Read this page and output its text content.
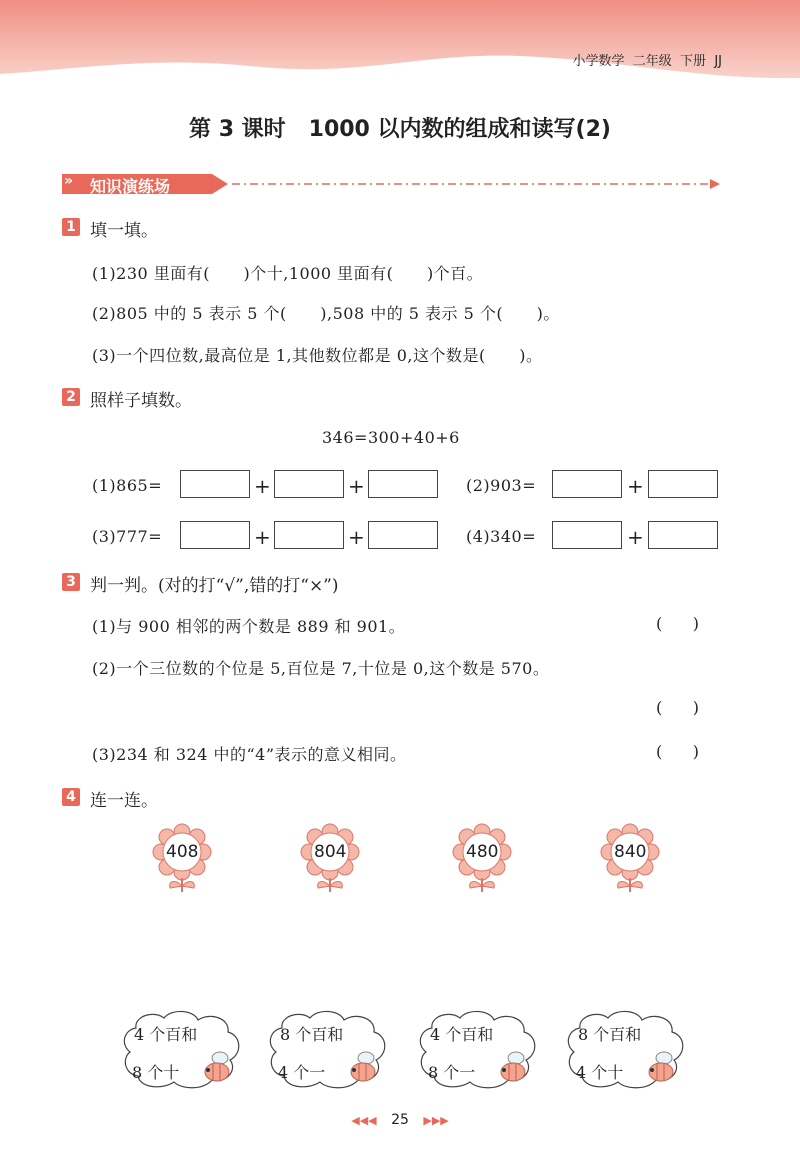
小学数学  二年级  下册  JJ
第 3 课时   1000 以内数的组成和读写(2)
» 知识演练场
1 填一填。
(1)230 里面有(      )个十,1000 里面有(      )个百。
(2)805 中的 5 表示 5 个(      ),508 中的 5 表示 5 个(      )。
(3)一个四位数,最高位是 1,其他数位都是 0,这个数是(      )。
2 照样子填数。
346=300+40+6
(1)865=	+	+	(2)903=	+
(3)777=	+	+	(4)340=	+
3 判一判。(对的打“√”,错的打“×”)
(1)与 900 相邻的两个数是 889 和 901。	(      )
(2)一个三位数的个位是 5,百位是 7,十位是 0,这个数是 570。
(      )
(3)234 和 324 中的“4”表示的意义相同。	(      )
4 连一连。
408	804	480	840
4 个百和
8 个十
8 个百和
4 个一
4 个百和
8 个一
8 个百和
4 个十
◀◀◀ 25 ▶▶▶
